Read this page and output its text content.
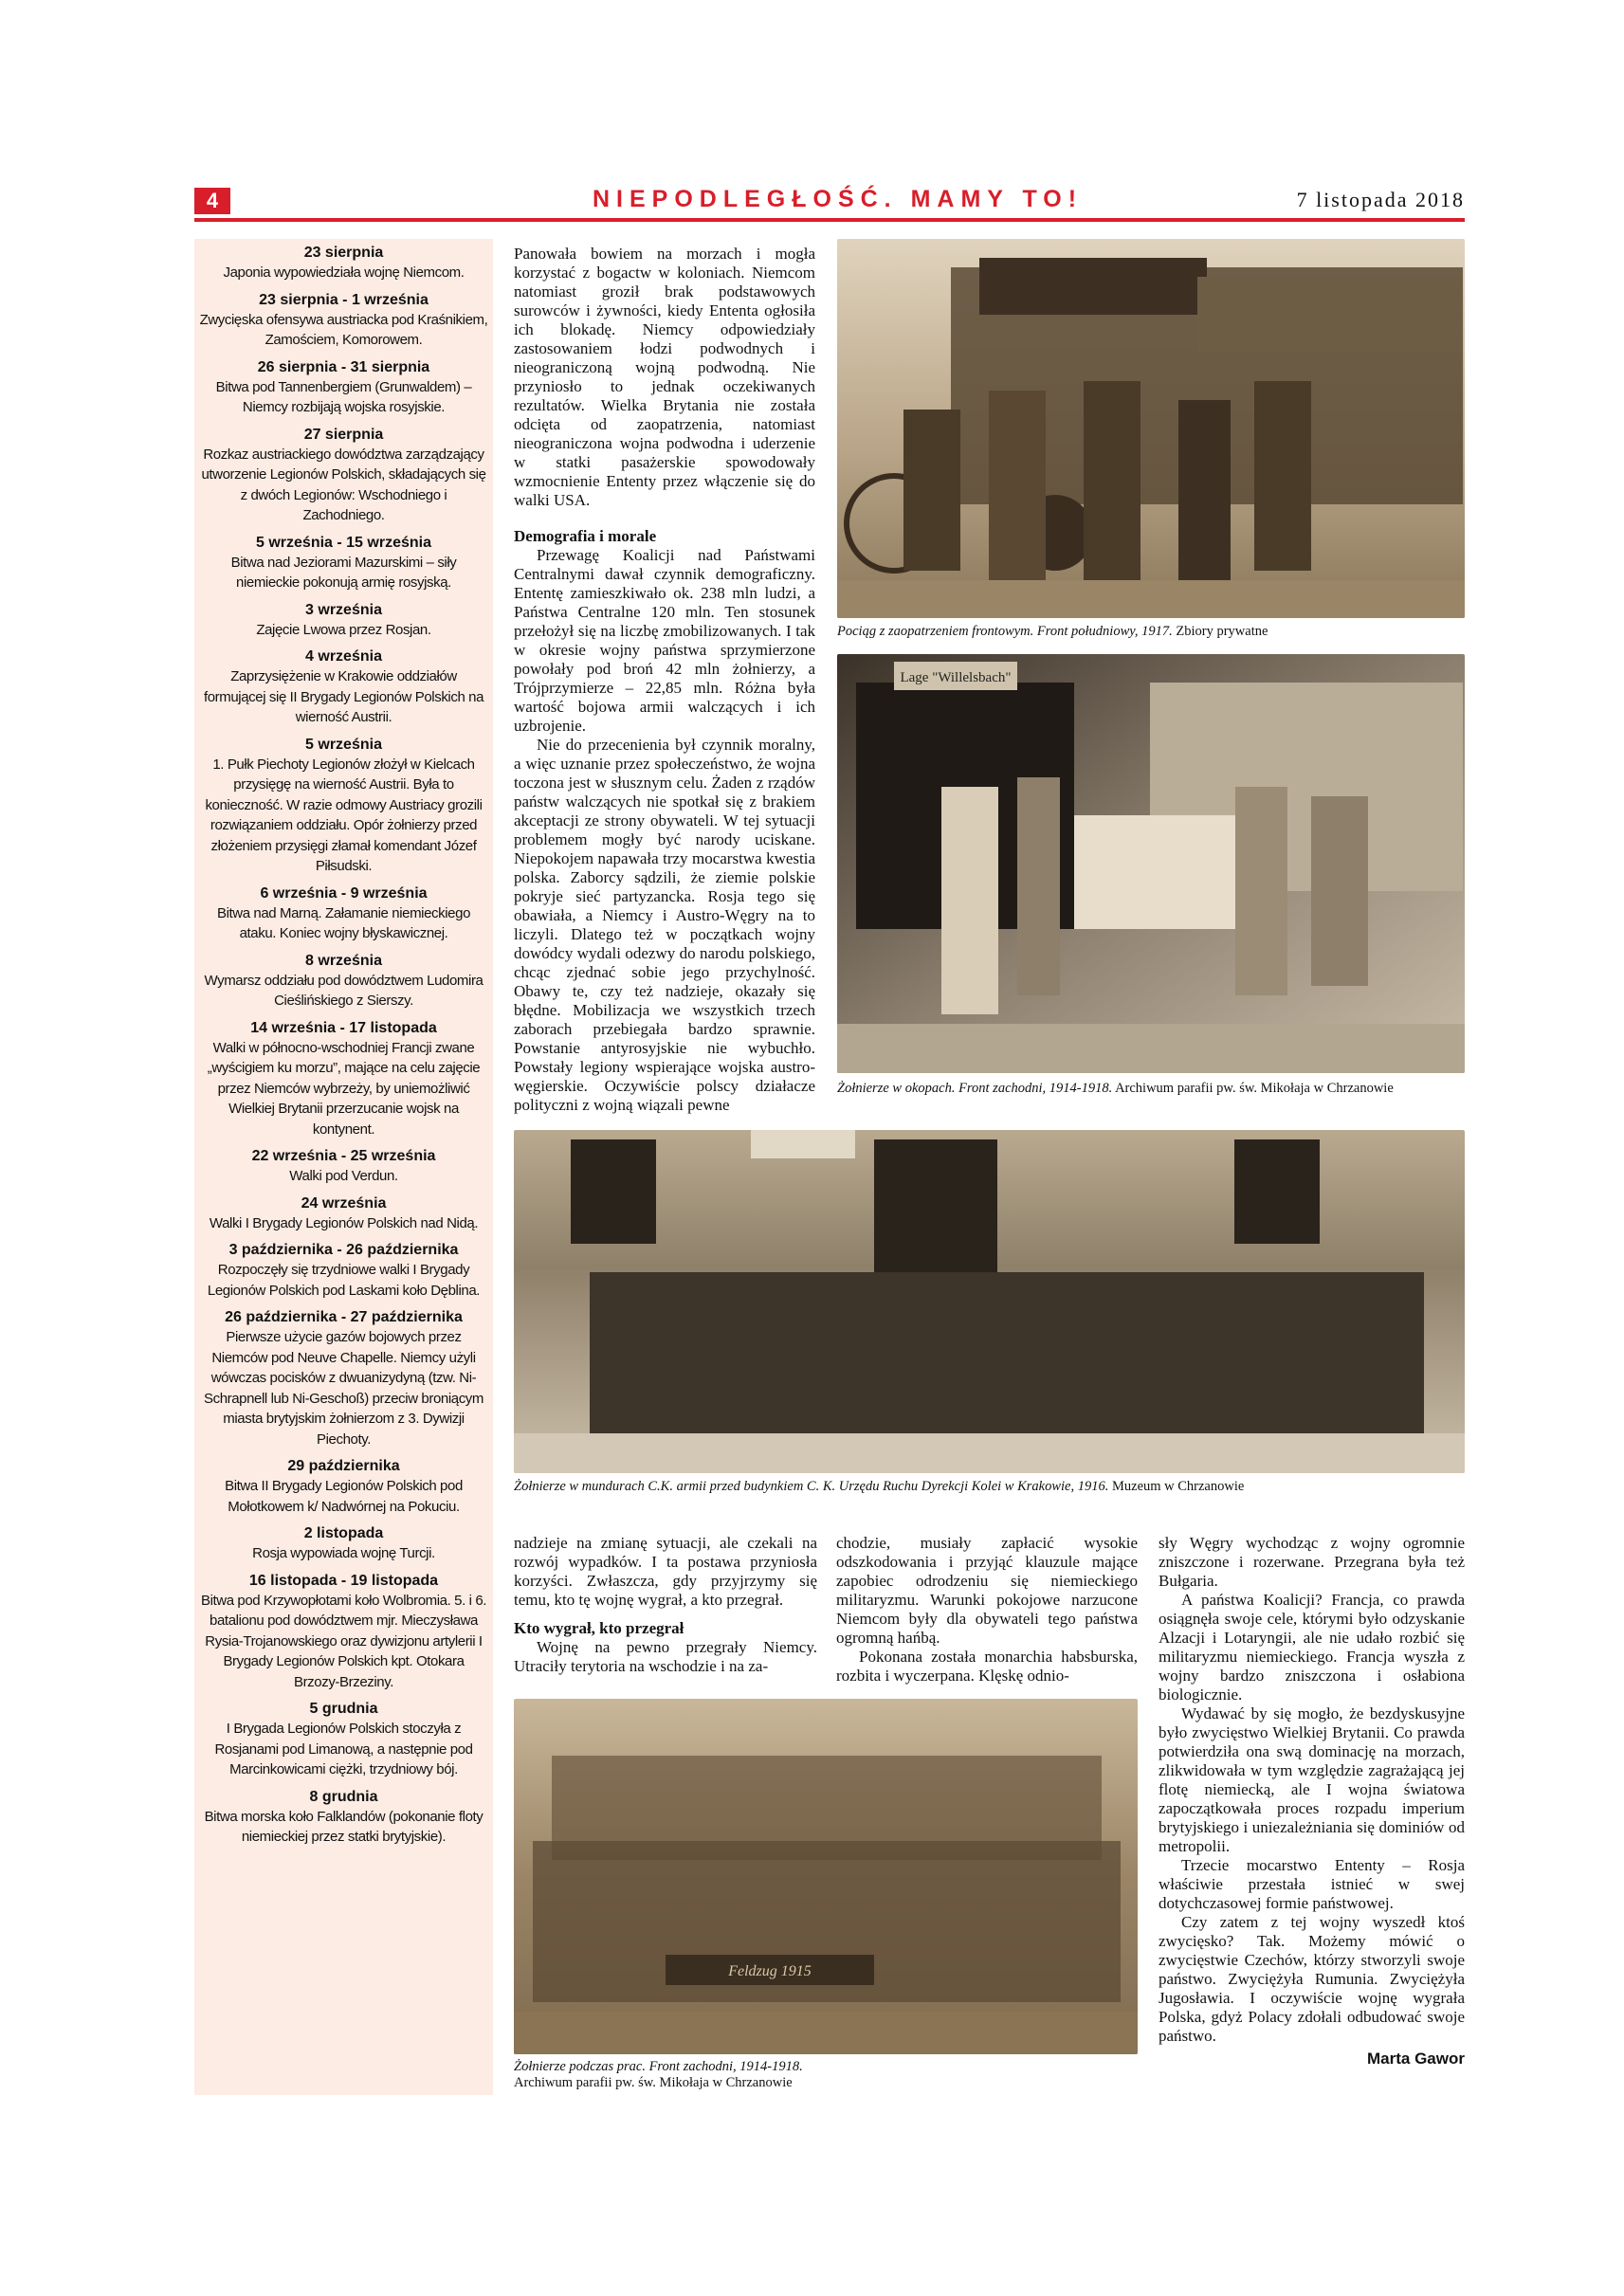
4	NIEPODLEGŁOŚĆ. MAMY TO!	7 listopada 2018
23 sierpnia
Japonia wypowiedziała wojnę Niemcom.
23 sierpnia - 1 września
Zwycięska ofensywa austriacka pod Kraśnikiem, Zamościem, Komorowem.
26 sierpnia - 31 sierpnia
Bitwa pod Tannenbergiem (Grunwaldem) – Niemcy rozbijają wojska rosyjskie.
27 sierpnia
Rozkaz austriackiego dowództwa zarządzający utworzenie Legionów Polskich, składających się z dwóch Legionów: Wschodniego i Zachodniego.
5 września - 15 września
Bitwa nad Jeziorami Mazurskimi – siły niemieckie pokonują armię rosyjską.
3 września
Zajęcie Lwowa przez Rosjan.
4 września
Zaprzysiężenie w Krakowie oddziałów formującej się II Brygady Legionów Polskich na wierność Austrii.
5 września
1. Pułk Piechoty Legionów złożył w Kielcach przysięgę na wierność Austrii. Była to konieczność. W razie odmowy Austriacy grozili rozwiązaniem oddziału. Opór żołnierzy przed złożeniem przysięgi złamał komendant Józef Piłsudski.
6 września - 9 września
Bitwa nad Marną. Załamanie niemieckiego ataku. Koniec wojny błyskawicznej.
8 września
Wymarsz oddziału pod dowództwem Ludomira Cieślińskiego z Sierszy.
14 września - 17 listopada
Walki w północno-wschodniej Francji zwane „wyścigiem ku morzu”, mające na celu zajęcie przez Niemców wybrzeży, by uniemożliwić Wielkiej Brytanii przerzucanie wojsk na kontynent.
22 września - 25 września
Walki pod Verdun.
24 września
Walki I Brygady Legionów Polskich nad Nidą.
3 października - 26 października
Rozpoczęły się trzydniowe walki I Brygady Legionów Polskich pod Laskami koło Dęblina.
26 października - 27 października
Pierwsze użycie gazów bojowych przez Niemców pod Neuve Chapelle. Niemcy użyli wówczas pocisków z dwuanizydyną (tzw. Ni-Schrapnell lub Ni-Geschoß) przeciw broniącym miasta brytyjskim żołnierzom z 3. Dywizji Piechoty.
29 października
Bitwa II Brygady Legionów Polskich pod Mołotkowem k/ Nadwórnej na Pokuciu.
2 listopada
Rosja wypowiada wojnę Turcji.
16 listopada - 19 listopada
Bitwa pod Krzywopłotami koło Wolbromia. 5. i 6. batalionu pod dowództwem mjr. Mieczysława Rysia-Trojanowskiego oraz dywizjonu artylerii I Brygady Legionów Polskich kpt. Otokara Brzozy-Brzeziny.
5 grudnia
I Brygada Legionów Polskich stoczyła z Rosjanami pod Limanową, a następnie pod Marcinkowicami ciężki, trzydniowy bój.
8 grudnia
Bitwa morska koło Falklandów (pokonanie floty niemieckiej przez statki brytyjskie).

Panowała bowiem na morzach i mogła korzystać z bogactw w koloniach. Niemcom natomiast groził brak podstawowych surowców i żywności, kiedy Ententa ogłosiła ich blokadę. Niemcy odpowiedziały zastosowaniem łodzi podwodnych i nieograniczoną wojną podwodną. Nie przyniosło to jednak oczekiwanych rezultatów. Wielka Brytania nie została odcięta od zaopatrzenia, natomiast nieograniczona wojna podwodna i uderzenie w statki pasażerskie spowodowały wzmocnienie Ententy przez włączenie się do walki USA.

Demografia i morale

Przewagę Koalicji nad Państwami Centralnymi dawał czynnik demograficzny. Ententę zamieszkiwało ok. 238 mln ludzi, a Państwa Centralne 120 mln. Ten stosunek przełożył się na liczbę zmobilizowanych. I tak w okresie wojny państwa sprzymierzone powołały pod broń 42 mln żołnierzy, a Trójprzymierze – 22,85 mln. Różna była wartość bojowa armii walczących i ich uzbrojenie.

Nie do przecenienia był czynnik moralny, a więc uznanie przez społeczeństwo, że wojna toczona jest w słusznym celu. Żaden z rządów państw walczących nie spotkał się z brakiem akceptacji ze strony obywateli. W tej sytuacji problemem mogły być narody uciskane. Niepokojem napawała trzy mocarstwa kwestia polska. Zaborcy sądzili, że ziemie polskie pokryje sieć partyzancka. Rosja tego się obawiała, a Niemcy i Austro-Węgry na to liczyli. Dlatego też w początkach wojny dowódcy wydali odezwy do narodu polskiego, chcąc zjednać sobie jego przychylność. Obawy te, czy też nadzieje, okazały się błędne. Mobilizacja we wszystkich trzech zaborach przebiegała bardzo sprawnie. Powstanie antyrosyjskie nie wybuchło. Powstały legiony wspierające wojska austro-węgierskie. Oczywiście polscy działacze polityczni z wojną wiązali pewne

Pociąg z zaopatrzeniem frontowym. Front południowy, 1917. Zbiory prywatne
Lage "Willelsbach"
Żołnierze w okopach. Front zachodni, 1914-1918. Archiwum parafii pw. św. Mikołaja w Chrzanowie
Żołnierze w mundurach C.K. armii przed budynkiem C. K. Urzędu Ruchu Dyrekcji Kolei w Krakowie, 1916. Muzeum w Chrzanowie

nadzieje na zmianę sytuacji, ale czekali na rozwój wypadków. I ta postawa przyniosła korzyści. Zwłaszcza, gdy przyjrzymy się temu, kto tę wojnę wygrał, a kto przegrał.

Kto wygrał, kto przegrał

Wojnę na pewno przegrały Niemcy. Utraciły terytoria na wschodzie i na za-

chodzie, musiały zapłacić wysokie odszkodowania i przyjąć klauzule mające zapobiec odrodzeniu się niemieckiego militaryzmu. Warunki pokojowe narzucone Niemcom były dla obywateli tego państwa ogromną hańbą.

Pokonana została monarchia habsburska, rozbita i wyczerpana. Klęskę odnio-

Feldzug 1915
Żołnierze podczas prac. Front zachodni, 1914-1918.
Archiwum parafii pw. św. Mikołaja w Chrzanowie

sły Węgry wychodząc z wojny ogromnie zniszczone i rozerwane. Przegrana była też Bułgaria.

A państwa Koalicji? Francja, co prawda osiągnęła swoje cele, którymi było odzyskanie Alzacji i Lotaryngii, ale nie udało rozbić się militaryzmu niemieckiego. Francja wyszła z wojny bardzo zniszczona i osłabiona biologicznie.

Wydawać by się mogło, że bezdyskusyjne było zwycięstwo Wielkiej Brytanii. Co prawda potwierdziła ona swą dominację na morzach, zlikwidowała w tym względzie zagrażającą jej flotę niemiecką, ale I wojna światowa zapoczątkowała proces rozpadu imperium brytyjskiego i uniezależniania się dominiów od metropolii.

Trzecie mocarstwo Ententy – Rosja właściwie przestała istnieć w swej dotychczasowej formie państwowej.

Czy zatem z tej wojny wyszedł ktoś zwycięsko? Tak. Możemy mówić o zwycięstwie Czechów, którzy stworzyli swoje państwo. Zwyciężyła Rumunia. Zwyciężyła Jugosławia. I oczywiście wojnę wygrała Polska, gdyż Polacy zdołali odbudować swoje państwo.

Marta Gawor
